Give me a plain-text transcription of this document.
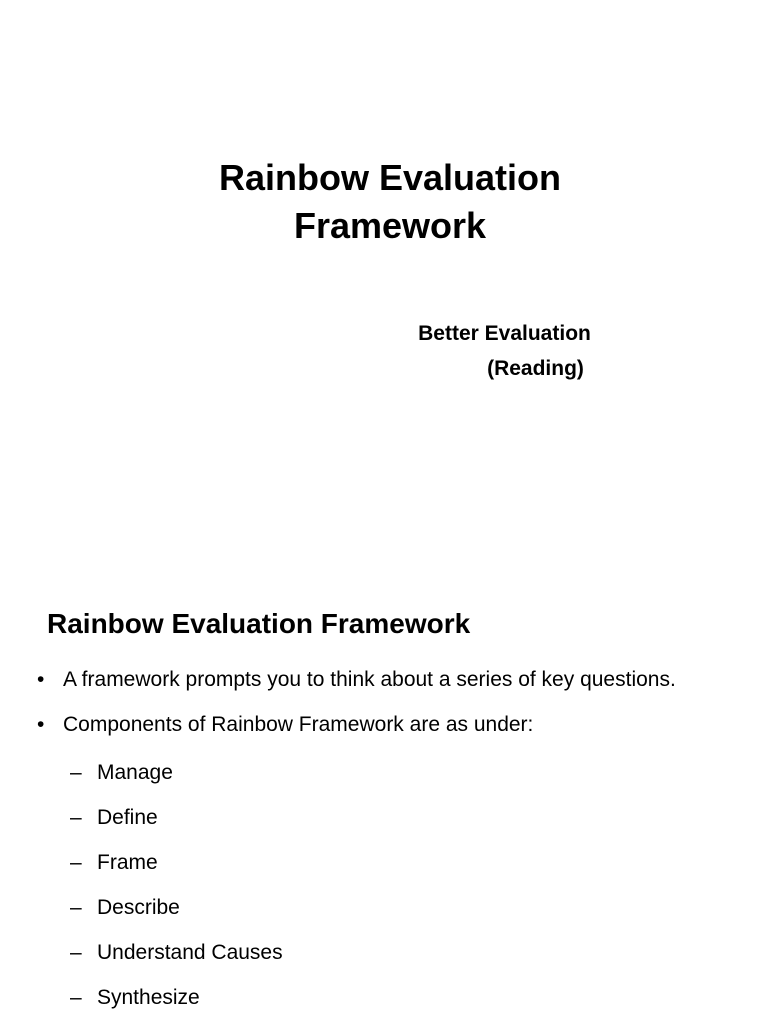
Rainbow Evaluation
Framework
Better Evaluation
(Reading)
Rainbow Evaluation Framework
• A framework prompts you to think about a series of key questions.
• Components of Rainbow Framework are as under:
– Manage
– Define
– Frame
– Describe
– Understand Causes
– Synthesize
